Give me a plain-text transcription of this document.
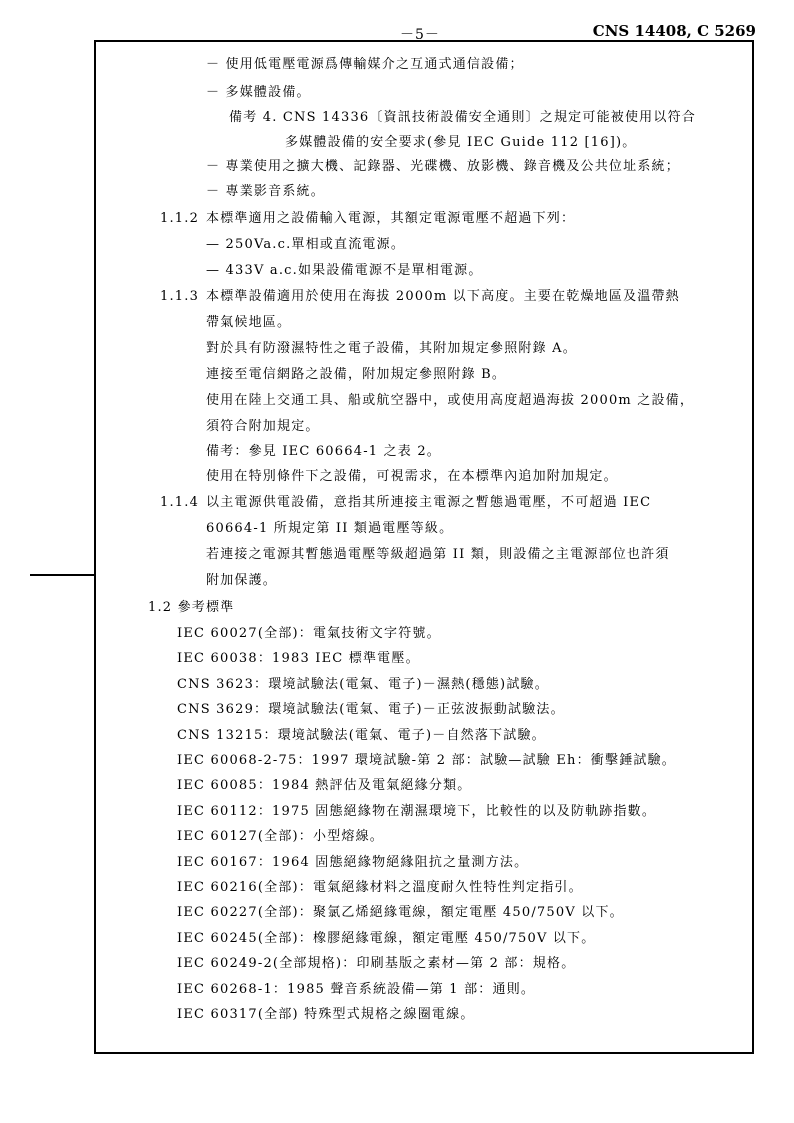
－5－	CNS 14408, C 5269
－ 使用低電壓電源爲傳輸媒介之互通式通信設備；
－ 多媒體設備。
備考 4. CNS 14336〔資訊技術設備安全通則〕之規定可能被使用以符合
多媒體設備的安全要求(參見 IEC Guide 112 [16])。
－ 專業使用之擴大機、記錄器、光碟機、放影機、錄音機及公共位址系統；
－ 專業影音系統。
1.1.2 本標準適用之設備輸入電源，其額定電源電壓不超過下列：
— 250Va.c.單相或直流電源。
— 433V a.c.如果設備電源不是單相電源。
1.1.3 本標準設備適用於使用在海拔 2000m 以下高度。主要在乾燥地區及溫帶熱
帶氣候地區。
對於具有防潑濕特性之電子設備，其附加規定參照附錄 A。
連接至電信網路之設備，附加規定參照附錄 B。
使用在陸上交通工具、船或航空器中，或使用高度超過海拔 2000m 之設備，
須符合附加規定。
備考：參見 IEC 60664-1 之表 2。
使用在特別條件下之設備，可視需求，在本標準內追加附加規定。
1.1.4 以主電源供電設備，意指其所連接主電源之暫態過電壓，不可超過 IEC
60664-1 所規定第 II 類過電壓等級。
若連接之電源其暫態過電壓等級超過第 II 類，則設備之主電源部位也許須
附加保護。
1.2 參考標準
IEC 60027(全部)：電氣技術文字符號。
IEC 60038：1983 IEC 標準電壓。
CNS 3623：環境試驗法(電氣、電子)－濕熱(穩態)試驗。
CNS 3629：環境試驗法(電氣、電子)－正弦波振動試驗法。
CNS 13215：環境試驗法(電氣、電子)－自然落下試驗。
IEC 60068-2-75：1997 環境試驗-第 2 部：試驗—試驗 Eh：衝擊錘試驗。
IEC 60085：1984 熱評估及電氣絕緣分類。
IEC 60112：1975 固態絕緣物在潮濕環境下，比較性的以及防軌跡指數。
IEC 60127(全部)：小型熔線。
IEC 60167：1964 固態絕緣物絕緣阻抗之量測方法。
IEC 60216(全部)：電氣絕緣材料之溫度耐久性特性判定指引。
IEC 60227(全部)：聚氯乙烯絕緣電線，額定電壓 450/750V 以下。
IEC 60245(全部)：橡膠絕緣電線，額定電壓 450/750V 以下。
IEC 60249-2(全部規格)：印刷基版之素材—第 2 部：規格。
IEC 60268-1：1985 聲音系統設備—第 1 部：通則。
IEC 60317(全部) 特殊型式規格之線圈電線。
